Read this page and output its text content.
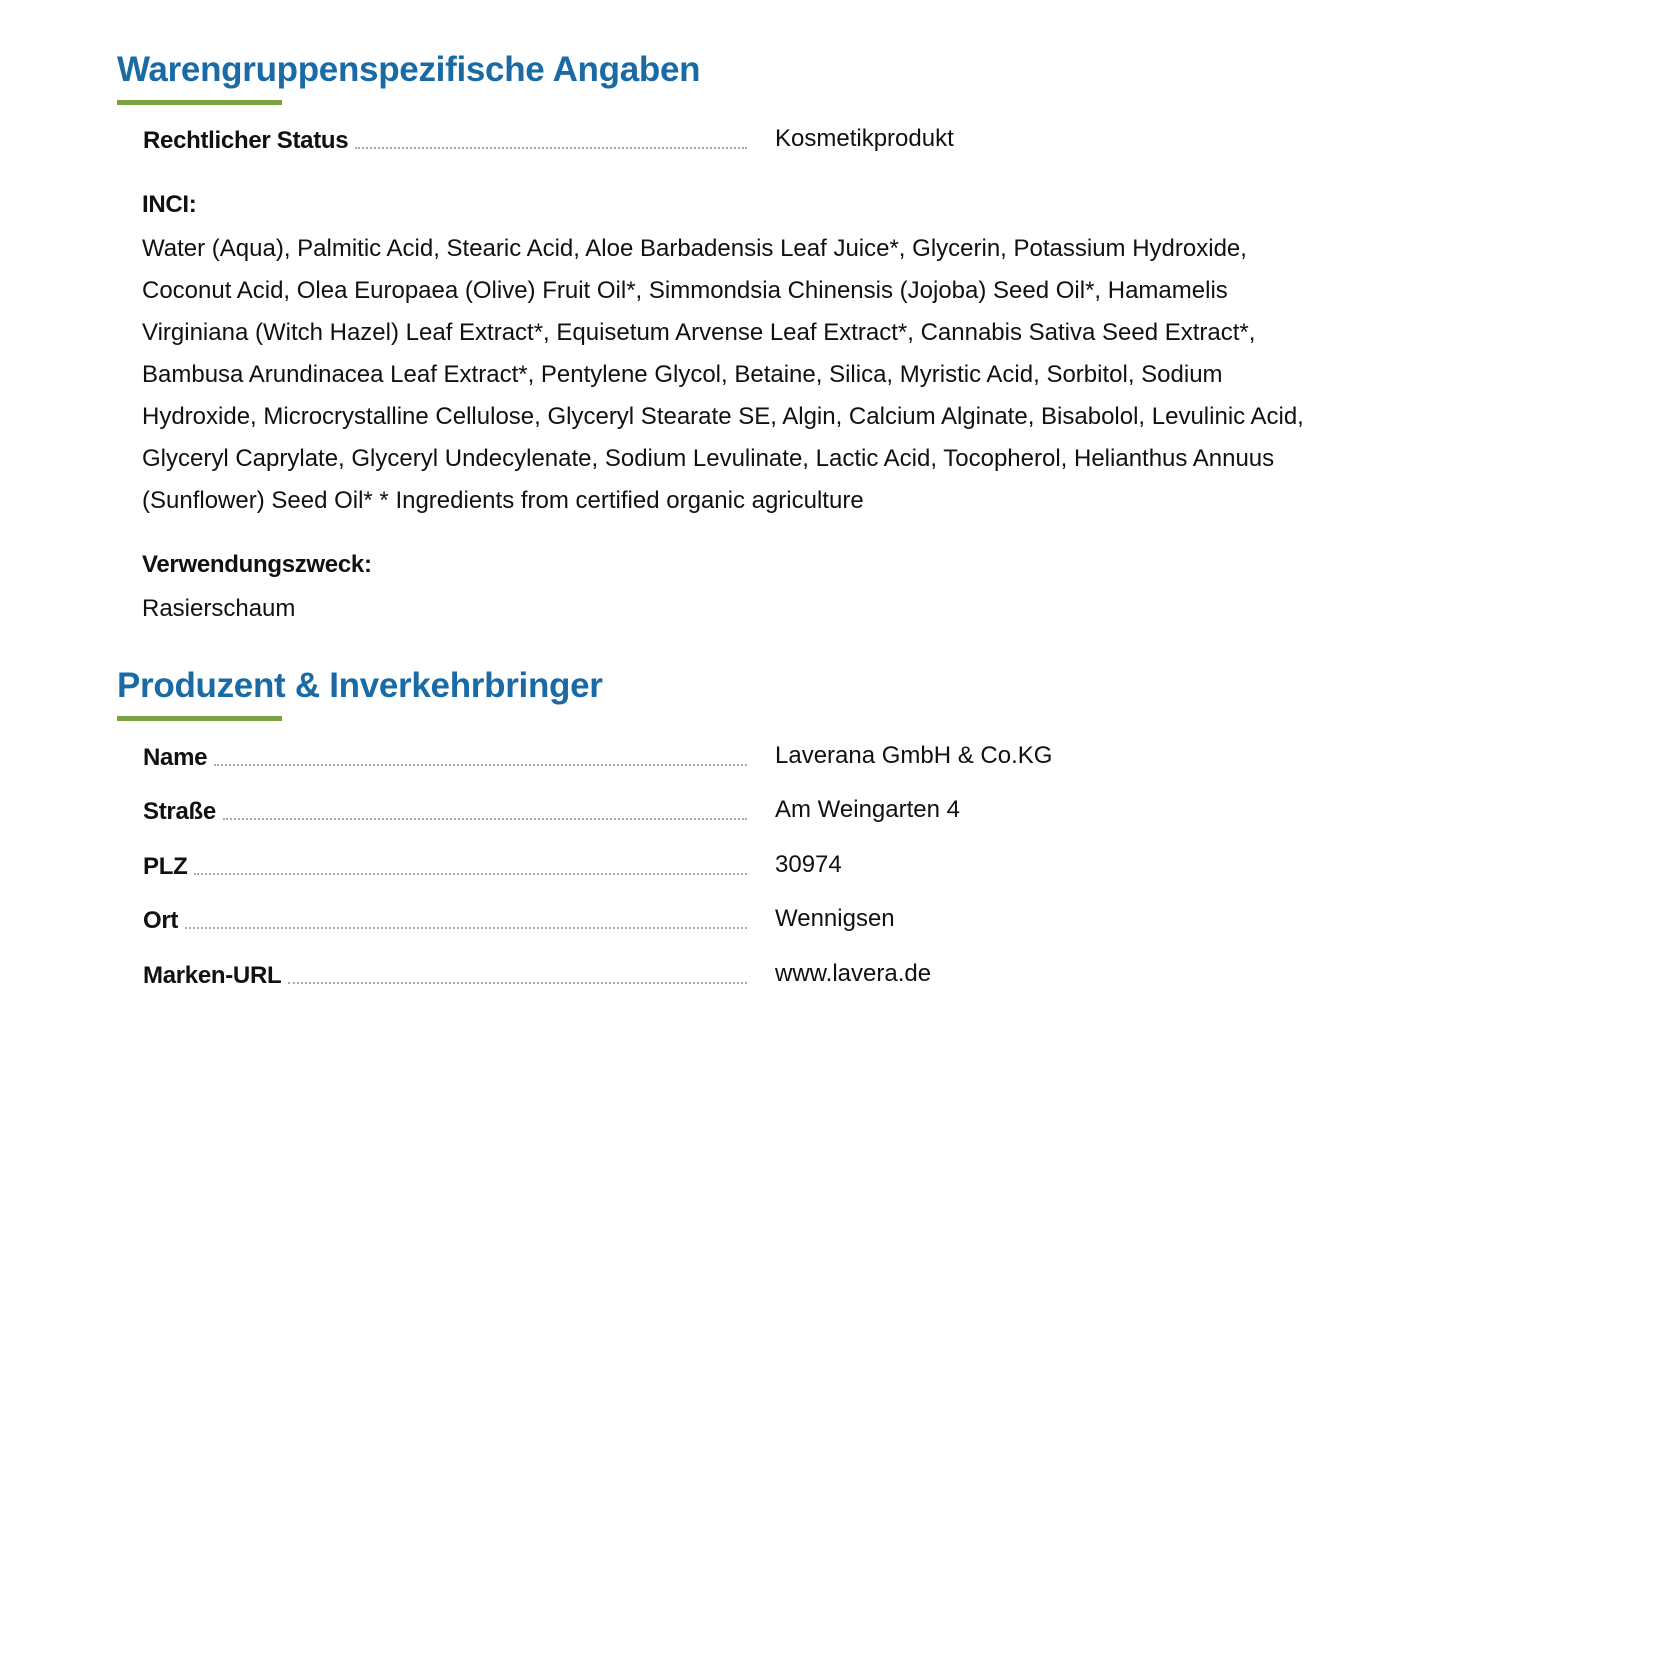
Warengruppenspezifische Angaben
Rechtlicher Status	Kosmetikprodukt
INCI:
Water (Aqua), Palmitic Acid, Stearic Acid, Aloe Barbadensis Leaf Juice*, Glycerin, Potassium Hydroxide,
Coconut Acid, Olea Europaea (Olive) Fruit Oil*, Simmondsia Chinensis (Jojoba) Seed Oil*, Hamamelis
Virginiana (Witch Hazel) Leaf Extract*, Equisetum Arvense Leaf Extract*, Cannabis Sativa Seed Extract*,
Bambusa Arundinacea Leaf Extract*, Pentylene Glycol, Betaine, Silica, Myristic Acid, Sorbitol, Sodium
Hydroxide, Microcrystalline Cellulose, Glyceryl Stearate SE, Algin, Calcium Alginate, Bisabolol, Levulinic Acid,
Glyceryl Caprylate, Glyceryl Undecylenate, Sodium Levulinate, Lactic Acid, Tocopherol, Helianthus Annuus
(Sunflower) Seed Oil* * Ingredients from certified organic agriculture
Verwendungszweck:
Rasierschaum
Produzent & Inverkehrbringer
Name	Laverana GmbH & Co.KG
Straße	Am Weingarten 4
PLZ	30974
Ort	Wennigsen
Marken-URL	www.lavera.de
